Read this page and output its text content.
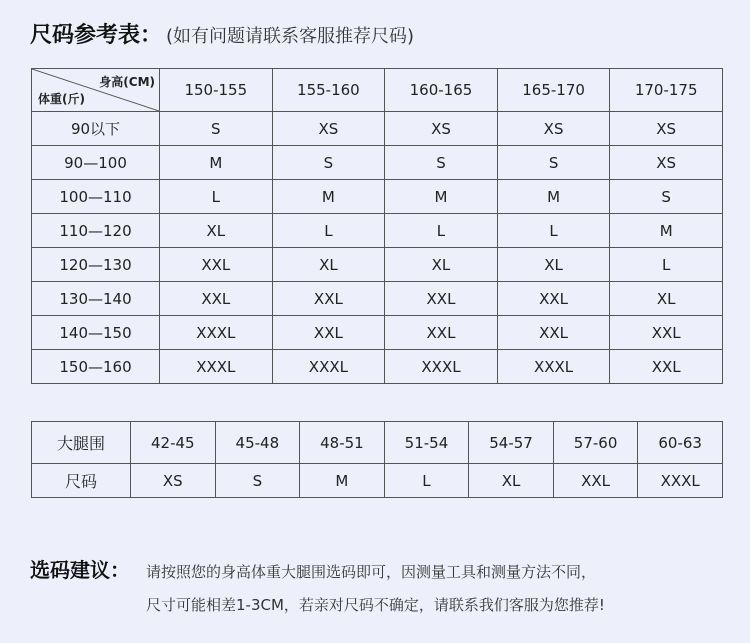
尺码参考表： (如有问题请联系客服推荐尺码)
身高(CM)
体重(斤)	150-155	155-160	160-165	165-170	170-175
90以下	S	XS	XS	XS	XS
90—100	M	S	S	S	XS
100—110	L	M	M	M	S
110—120	XL	L	L	L	M
120—130	XXL	XL	XL	XL	L
130—140	XXL	XXL	XXL	XXL	XL
140—150	XXXL	XXL	XXL	XXL	XXL
150—160	XXXL	XXXL	XXXL	XXXL	XXL
大腿围	42-45	45-48	48-51	51-54	54-57	57-60	60-63
尺码	XS	S	M	L	XL	XXL	XXXL
选码建议：	请按照您的身高体重大腿围选码即可，因测量工具和测量方法不同，
尺寸可能相差1-3CM，若亲对尺码不确定，请联系我们客服为您推荐!
